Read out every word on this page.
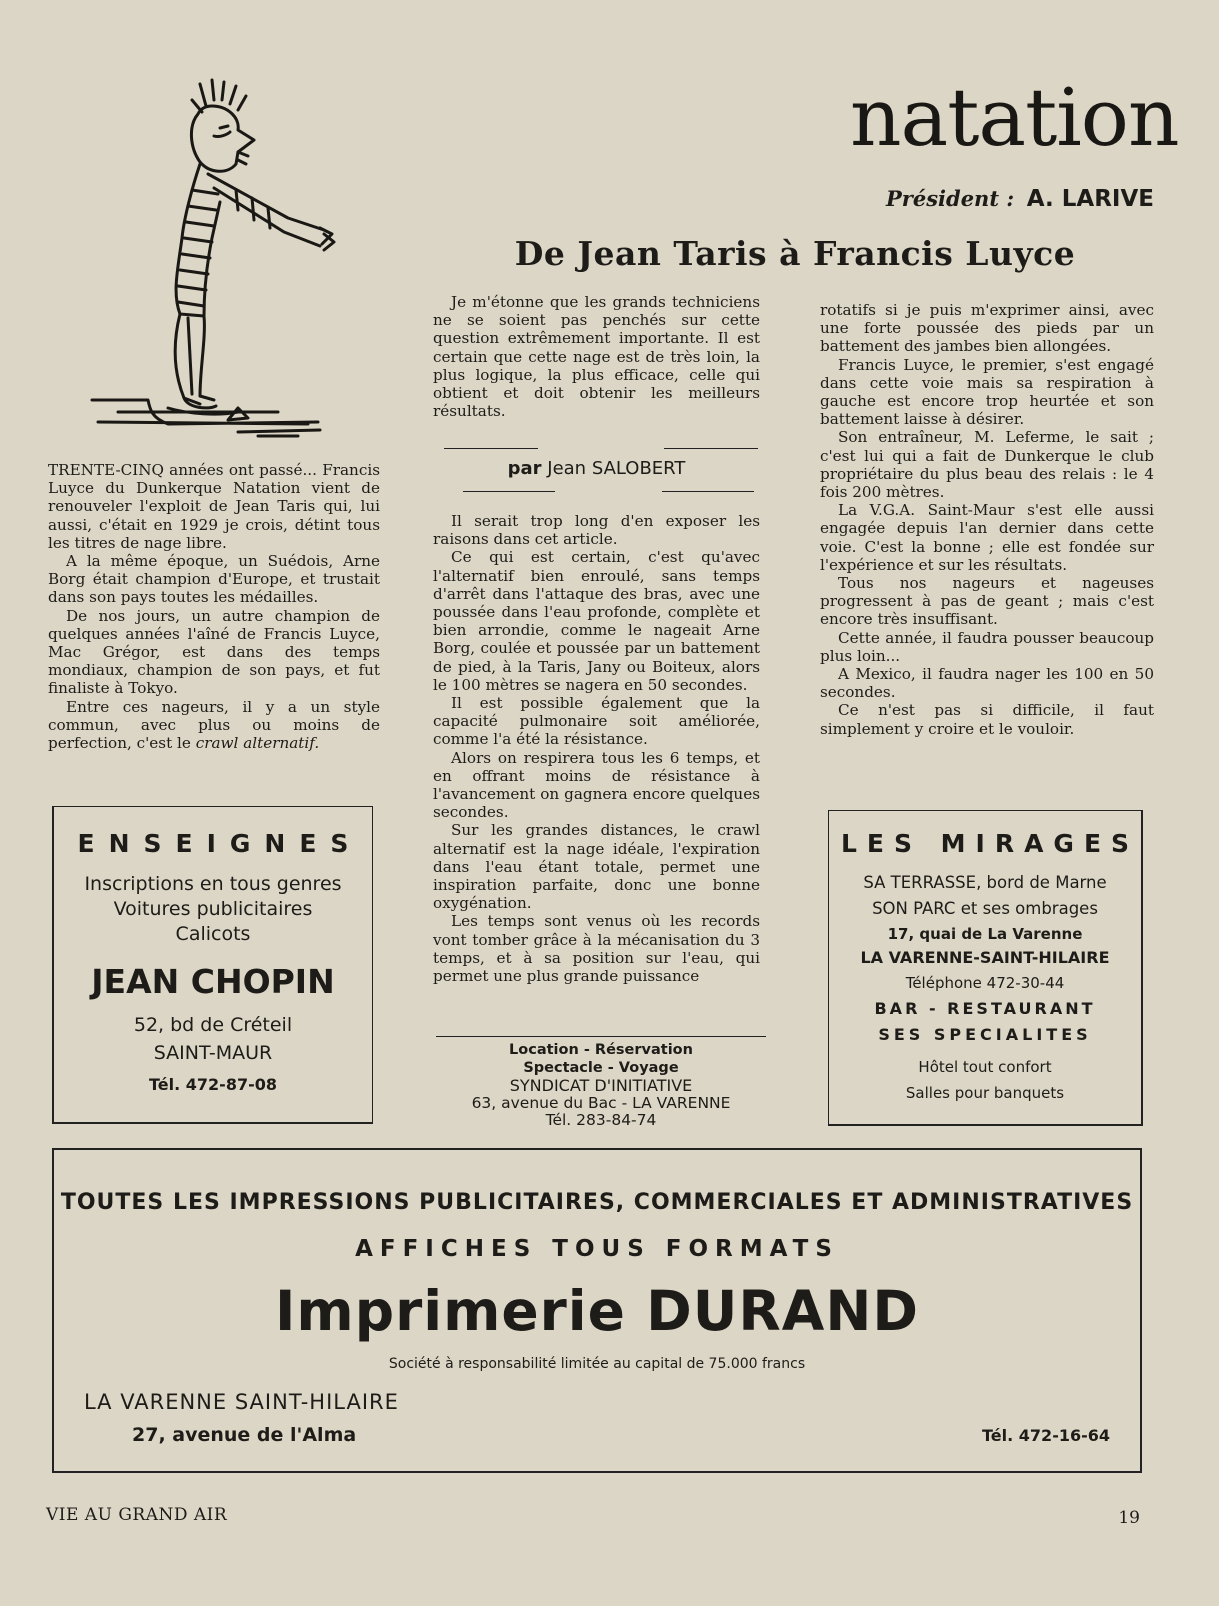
natation
Président : A. LARIVE
De Jean Taris à Francis Luyce

TRENTE-CINQ années ont passé... Francis Luyce du Dunkerque Natation vient de renouveler l'exploit de Jean Taris qui, lui aussi, c'était en 1929 je crois, détint tous les titres de nage libre.

A la même époque, un Suédois, Arne Borg était champion d'Europe, et trustait dans son pays toutes les médailles.

De nos jours, un autre champion de quelques années l'aîné de Francis Luyce, Mac Grégor, est dans des temps mondiaux, champion de son pays, et fut finaliste à Tokyo.

Entre ces nageurs, il y a un style commun, avec plus ou moins de perfection, c'est le crawl alternatif.

Je m'étonne que les grands techniciens ne se soient pas penchés sur cette question extrêmement importante. Il est certain que cette nage est de très loin, la plus logique, la plus efficace, celle qui obtient et doit obtenir les meilleurs résultats.

par Jean SALOBERT

Il serait trop long d'en exposer les raisons dans cet article.

Ce qui est certain, c'est qu'avec l'alternatif bien enroulé, sans temps d'arrêt dans l'attaque des bras, avec une poussée dans l'eau profonde, complète et bien arrondie, comme le nageait Arne Borg, coulée et poussée par un battement de pied, à la Taris, Jany ou Boiteux, alors le 100 mètres se nagera en 50 secondes.

Il est possible également que la capacité pulmonaire soit améliorée, comme l'a été la résistance.

Alors on respirera tous les 6 temps, et en offrant moins de résistance à l'avancement on gagnera encore quelques secondes.

Sur les grandes distances, le crawl alternatif est la nage idéale, l'expiration dans l'eau étant totale, permet une inspiration parfaite, donc une bonne oxygénation.

Les temps sont venus où les records vont tomber grâce à la mécanisation du 3 temps, et à sa position sur l'eau, qui permet une plus grande puissance

rotatifs si je puis m'exprimer ainsi, avec une forte poussée des pieds par un battement des jambes bien allongées.

Francis Luyce, le premier, s'est engagé dans cette voie mais sa respiration à gauche est encore trop heurtée et son battement laisse à désirer.

Son entraîneur, M. Leferme, le sait ; c'est lui qui a fait de Dunkerque le club propriétaire du plus beau des relais : le 4 fois 200 mètres.

La V.G.A. Saint-Maur s'est elle aussi engagée depuis l'an dernier dans cette voie. C'est la bonne ; elle est fondée sur l'expérience et sur les résultats.

Tous nos nageurs et nageuses progressent à pas de geant ; mais c'est encore très insuffisant.

Cette année, il faudra pousser beaucoup plus loin...

A Mexico, il faudra nager les 100 en 50 secondes.

Ce n'est pas si difficile, il faut simplement y croire et le vouloir.

ENSEIGNES
Inscriptions en tous genres
Voitures publicitaires
Calicots
JEAN CHOPIN
52, bd de Créteil
SAINT-MAUR
Tél. 472-87-08
Location - Réservation
Spectacle - Voyage
SYNDICAT D'INITIATIVE
63, avenue du Bac - LA VARENNE
Tél. 283-84-74
LES MIRAGES
SA TERRASSE, bord de Marne
SON PARC et ses ombrages
17, quai de La Varenne
LA VARENNE-SAINT-HILAIRE
Téléphone 472-30-44
BAR - RESTAURANT
SES SPECIALITES
Hôtel tout confort
Salles pour banquets
TOUTES LES IMPRESSIONS PUBLICITAIRES, COMMERCIALES ET ADMINISTRATIVES
AFFICHES TOUS FORMATS
Imprimerie DURAND
Société à responsabilité limitée au capital de 75.000 francs
LA VARENNE SAINT-HILAIRE
27, avenue de l'Alma	Tél. 472-16-64
VIE AU GRAND AIR	19
